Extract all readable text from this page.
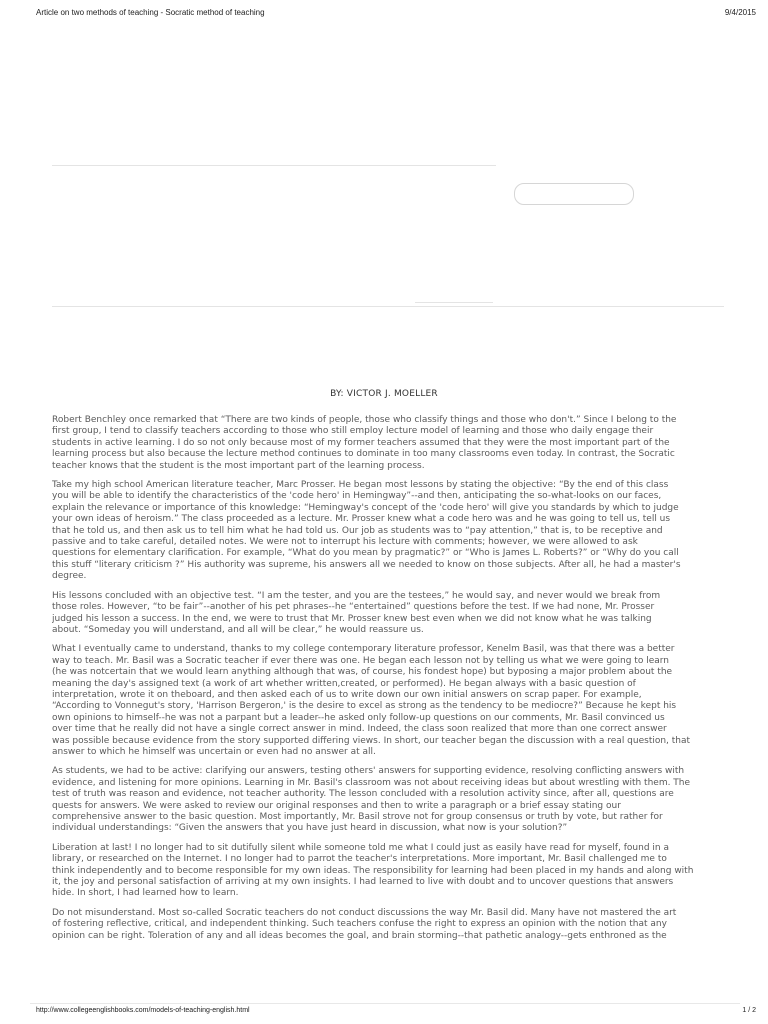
Article on two methods of teaching - Socratic method of teaching	9/4/2015
BY: VICTOR J. MOELLER

Robert Benchley once remarked that “There are two kinds of people, those who classify things and those who don't.” Since I belong to the
first group, I tend to classify teachers according to those who still employ lecture model of learning and those who daily engage their
students in active learning. I do so not only because most of my former teachers assumed that they were the most important part of the
learning process but also because the lecture method continues to dominate in too many classrooms even today. In contrast, the Socratic
teacher knows that the student is the most important part of the learning process.

Take my high school American literature teacher, Marc Prosser. He began most lessons by stating the objective: “By the end of this class
you will be able to identify the characteristics of the 'code hero' in Hemingway”--and then, anticipating the so-what-looks on our faces,
explain the relevance or importance of this knowledge: “Hemingway's concept of the 'code hero' will give you standards by which to judge
your own ideas of heroism.” The class proceeded as a lecture. Mr. Prosser knew what a code hero was and he was going to tell us, tell us
that he told us, and then ask us to tell him what he had told us. Our job as students was to “pay attention,” that is, to be receptive and
passive and to take careful, detailed notes. We were not to interrupt his lecture with comments; however, we were allowed to ask
questions for elementary clarification. For example, “What do you mean by pragmatic?” or “Who is James L. Roberts?” or “Why do you call
this stuff “literary criticism ?” His authority was supreme, his answers all we needed to know on those subjects. After all, he had a master's
degree.

His lessons concluded with an objective test. “I am the tester, and you are the testees,” he would say, and never would we break from
those roles. However, “to be fair”--another of his pet phrases--he “entertained” questions before the test. If we had none, Mr. Prosser
judged his lesson a success. In the end, we were to trust that Mr. Prosser knew best even when we did not know what he was talking
about. “Someday you will understand, and all will be clear,” he would reassure us.

What I eventually came to understand, thanks to my college contemporary literature professor, Kenelm Basil, was that there was a better
way to teach. Mr. Basil was a Socratic teacher if ever there was one. He began each lesson not by telling us what we were going to learn
(he was notcertain that we would learn anything although that was, of course, his fondest hope) but byposing a major problem about the
meaning the day's assigned text (a work of art whether written,created, or performed). He began always with a basic question of
interpretation, wrote it on theboard, and then asked each of us to write down our own initial answers on scrap paper. For example,
“According to Vonnegut's story, 'Harrison Bergeron,' is the desire to excel as strong as the tendency to be mediocre?” Because he kept his
own opinions to himself--he was not a parpant but a leader--he asked only follow-up questions on our comments, Mr. Basil convinced us
over time that he really did not have a single correct answer in mind. Indeed, the class soon realized that more than one correct answer
was possible because evidence from the story supported differing views. In short, our teacher began the discussion with a real question, that
answer to which he himself was uncertain or even had no answer at all.

As students, we had to be active: clarifying our answers, testing others' answers for supporting evidence, resolving conflicting answers with
evidence, and listening for more opinions. Learning in Mr. Basil's classroom was not about receiving ideas but about wrestling with them. The
test of truth was reason and evidence, not teacher authority. The lesson concluded with a resolution activity since, after all, questions are
quests for answers. We were asked to review our original responses and then to write a paragraph or a brief essay stating our
comprehensive answer to the basic question. Most importantly, Mr. Basil strove not for group consensus or truth by vote, but rather for
individual understandings: “Given the answers that you have just heard in discussion, what now is your solution?”

Liberation at last! I no longer had to sit dutifully silent while someone told me what I could just as easily have read for myself, found in a
library, or researched on the Internet. I no longer had to parrot the teacher's interpretations. More important, Mr. Basil challenged me to
think independently and to become responsible for my own ideas. The responsibility for learning had been placed in my hands and along with
it, the joy and personal satisfaction of arriving at my own insights. I had learned to live with doubt and to uncover questions that answers
hide. In short, I had learned how to learn.

Do not misunderstand. Most so-called Socratic teachers do not conduct discussions the way Mr. Basil did. Many have not mastered the art
of fostering reflective, critical, and independent thinking. Such teachers confuse the right to express an opinion with the notion that any
opinion can be right. Toleration of any and all ideas becomes the goal, and brain storming--that pathetic analogy--gets enthroned as the

http://www.collegeenglishbooks.com/models-of-teaching-english.html	1 / 2
